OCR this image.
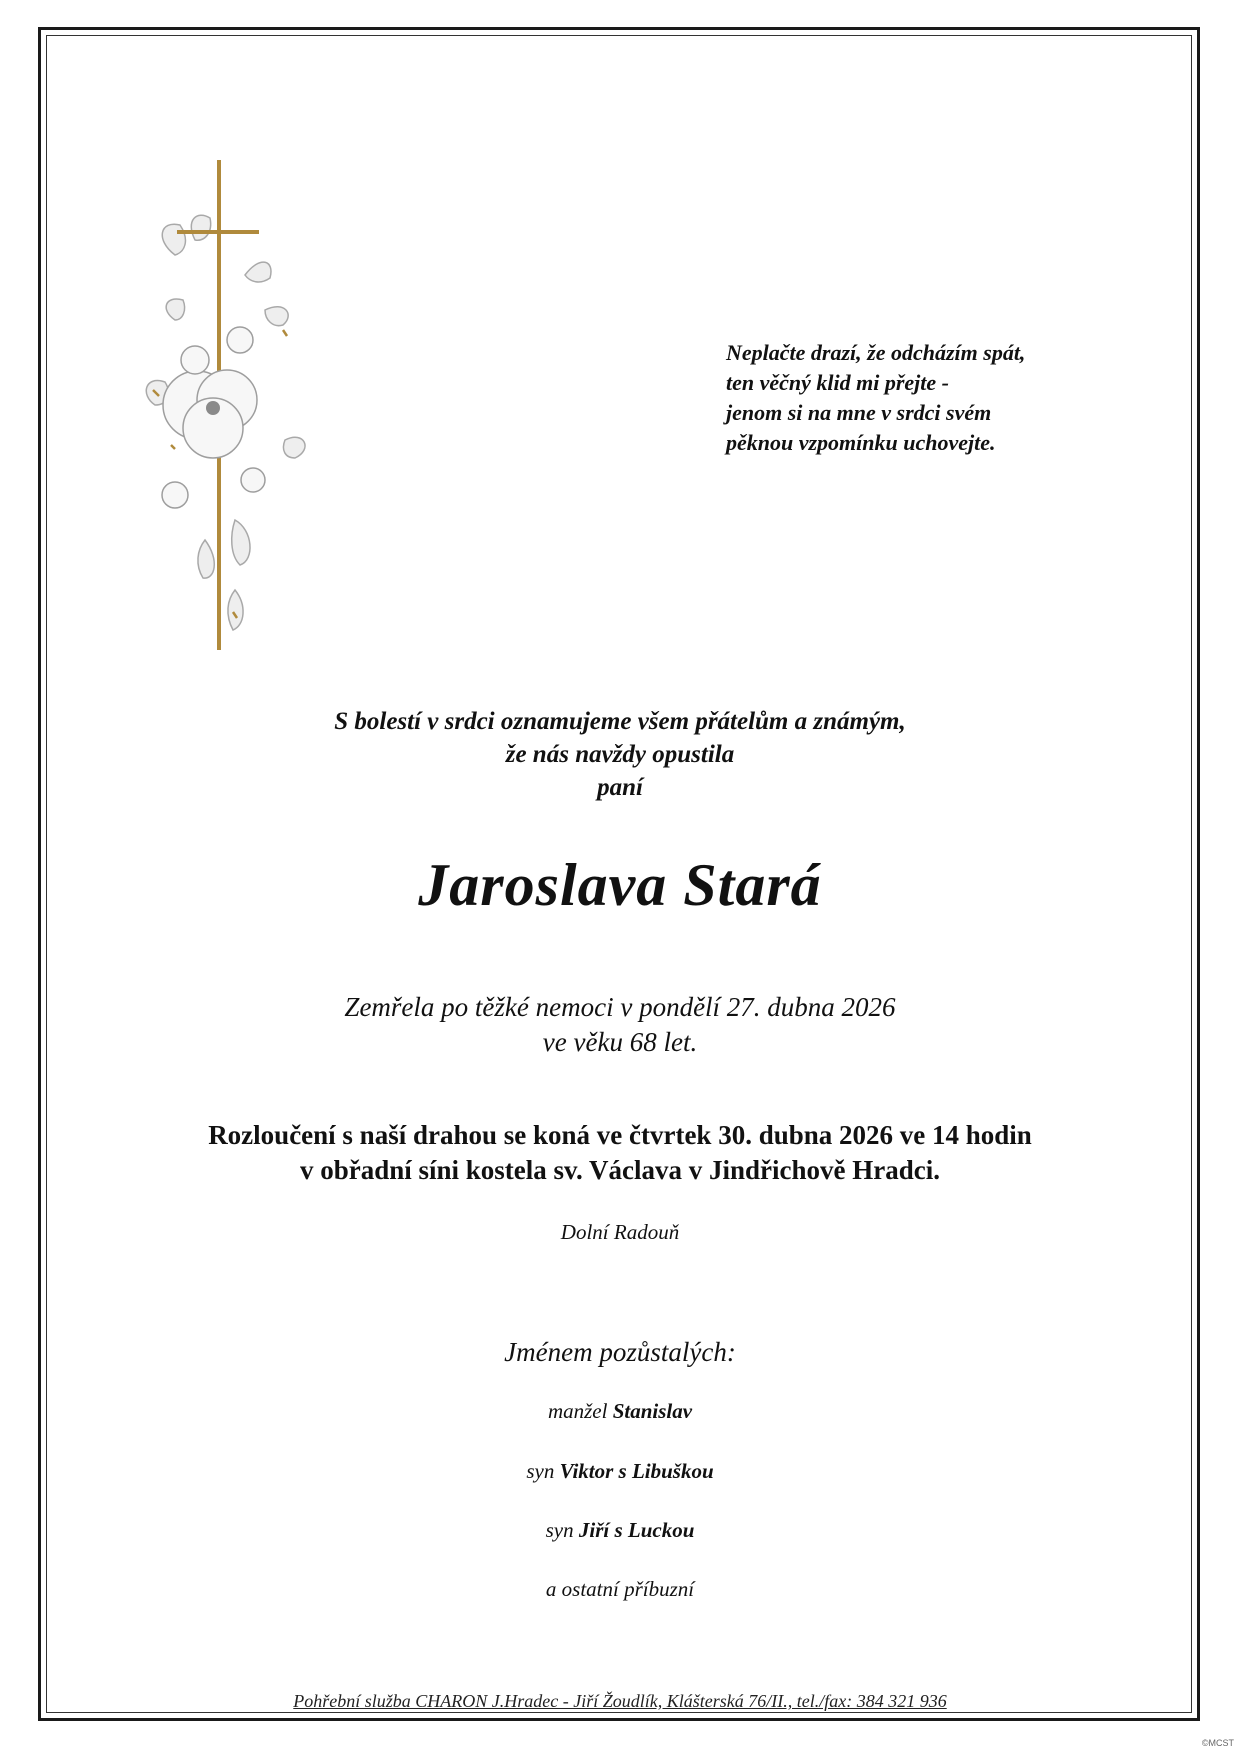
Neplačte drazí, že odcházím spát,
ten věčný klid mi přejte -
jenom si na mne v srdci svém
pěknou vzpomínku uchovejte.
S bolestí v srdci oznamujeme všem přátelům a známým,
že nás navždy opustila
paní
Jaroslava Stará
Zemřela po těžké nemoci v pondělí 27. dubna 2026
ve věku 68 let.
Rozloučení s naší drahou se koná ve čtvrtek 30. dubna 2026 ve 14 hodin
v obřadní síni kostela sv. Václava v Jindřichově Hradci.
Dolní Radouň
Jménem pozůstalých:
manžel Stanislav
syn Viktor s Libuškou
syn Jiří s Luckou
a ostatní příbuzní
Pohřební služba CHARON J.Hradec - Jiří Žoudlík, Klášterská 76/II., tel./fax: 384 321 936
©MCST
